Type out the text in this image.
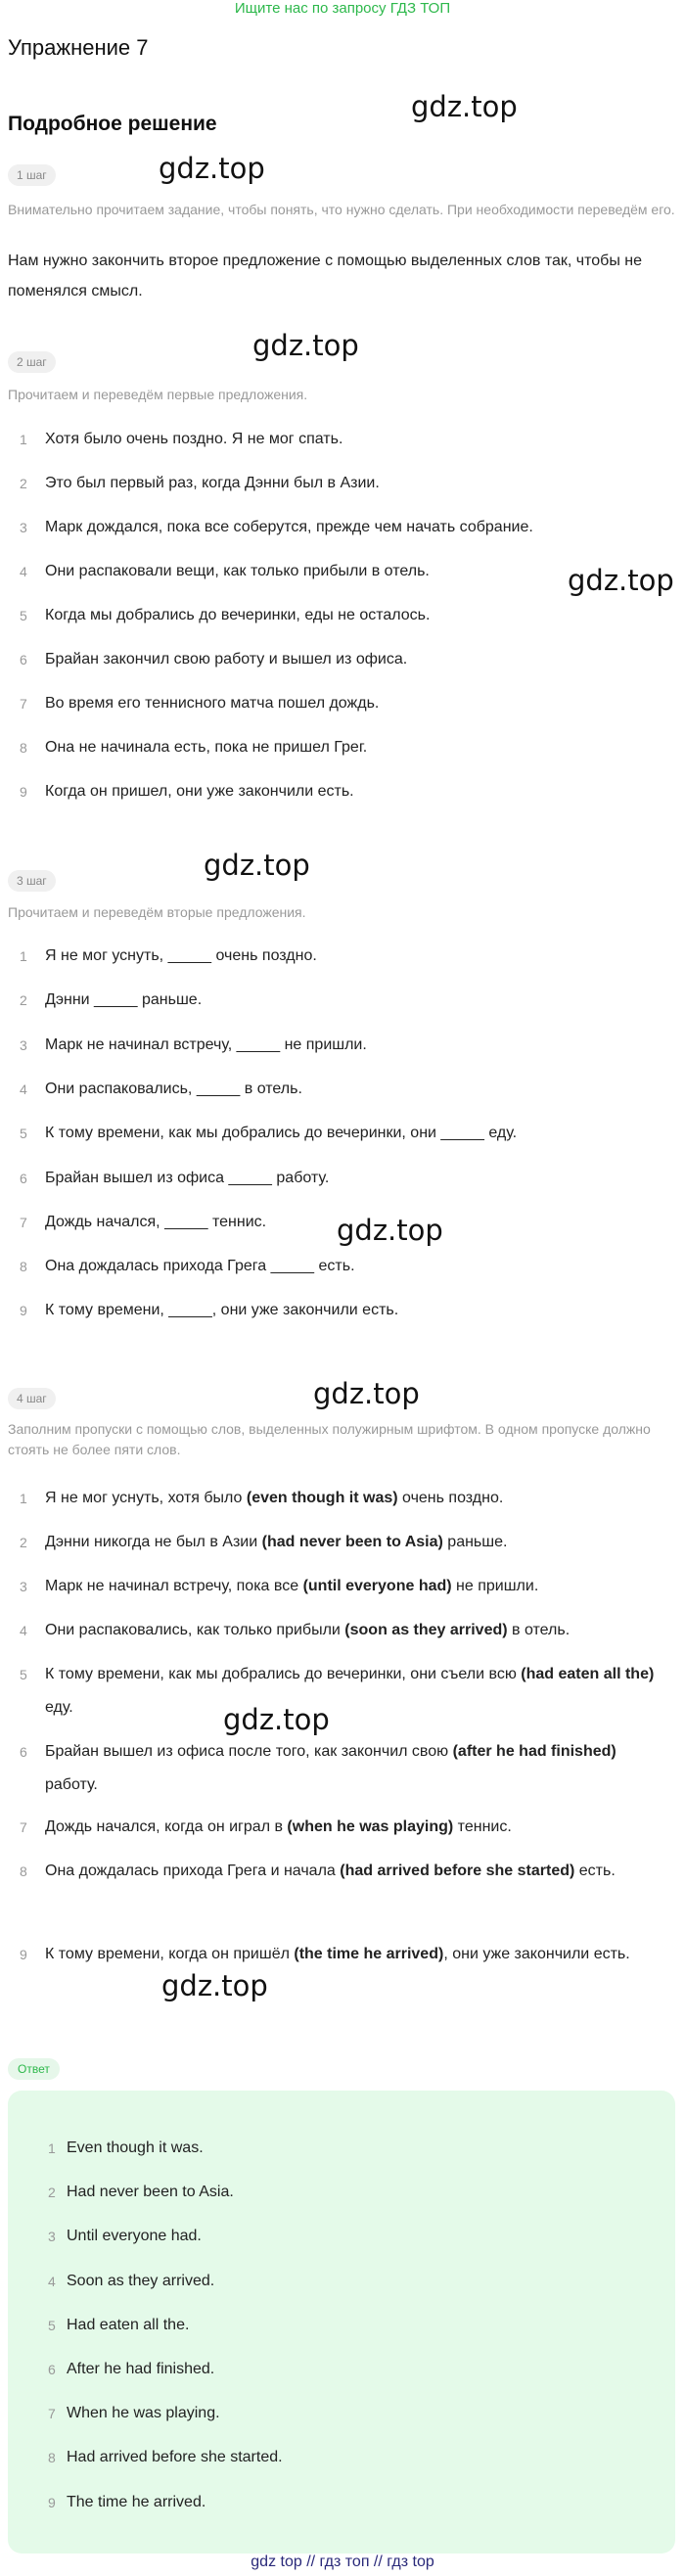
Ищите нас по запросу ГДЗ ТОП
Упражнение 7
Подробное решение
gdz.top
gdz.top
gdz.top
gdz.top
gdz.top
gdz.top
gdz.top
gdz.top
gdz.top
1 шаг
Внимательно прочитаем задание, чтобы понять, что нужно сделать. При необходимости переведём его.
Нам нужно закончить второе предложение с помощью выделенных слов так, чтобы не поменялся смысл.
2 шаг
Прочитаем и переведём первые предложения.
1 Хотя было очень поздно. Я не мог спать.
2 Это был первый раз, когда Дэнни был в Азии.
3 Марк дождался, пока все соберутся, прежде чем начать собрание.
4 Они распаковали вещи, как только прибыли в отель.
5 Когда мы добрались до вечеринки, еды не осталось.
6 Брайан закончил свою работу и вышел из офиса.
7 Во время его теннисного матча пошел дождь.
8 Она не начинала есть, пока не пришел Грег.
9 Когда он пришел, они уже закончили есть.
3 шаг
Прочитаем и переведём вторые предложения.
1 Я не мог уснуть, _____ очень поздно.
2 Дэнни _____ раньше.
3 Марк не начинал встречу, _____ не пришли.
4 Они распаковались, _____ в отель.
5 К тому времени, как мы добрались до вечеринки, они _____ еду.
6 Брайан вышел из офиса _____ работу.
7 Дождь начался, _____ теннис.
8 Она дождалась прихода Грега _____ есть.
9 К тому времени, _____, они уже закончили есть.
4 шаг
Заполним пропуски с помощью слов, выделенных полужирным шрифтом. В одном пропуске должно стоять не более пяти слов.
1 Я не мог уснуть, хотя было (even though it was) очень поздно.
2 Дэнни никогда не был в Азии (had never been to Asia) раньше.
3 Марк не начинал встречу, пока все (until everyone had) не пришли.
4 Они распаковались, как только прибыли (soon as they arrived) в отель.
5 К тому времени, как мы добрались до вечеринки, они съели всю (had eaten all the) еду.
6 Брайан вышел из офиса после того, как закончил свою (after he had finished) работу.
7 Дождь начался, когда он играл в (when he was playing) теннис.
8 Она дождалась прихода Грега и начала (had arrived before she started) есть.
9 К тому времени, когда он пришёл (the time he arrived), они уже закончили есть.
Ответ
1 Even though it was.
2 Had never been to Asia.
3 Until everyone had.
4 Soon as they arrived.
5 Had eaten all the.
6 After he had finished.
7 When he was playing.
8 Had arrived before she started.
9 The time he arrived.
gdz top // гдз топ // гдз top
